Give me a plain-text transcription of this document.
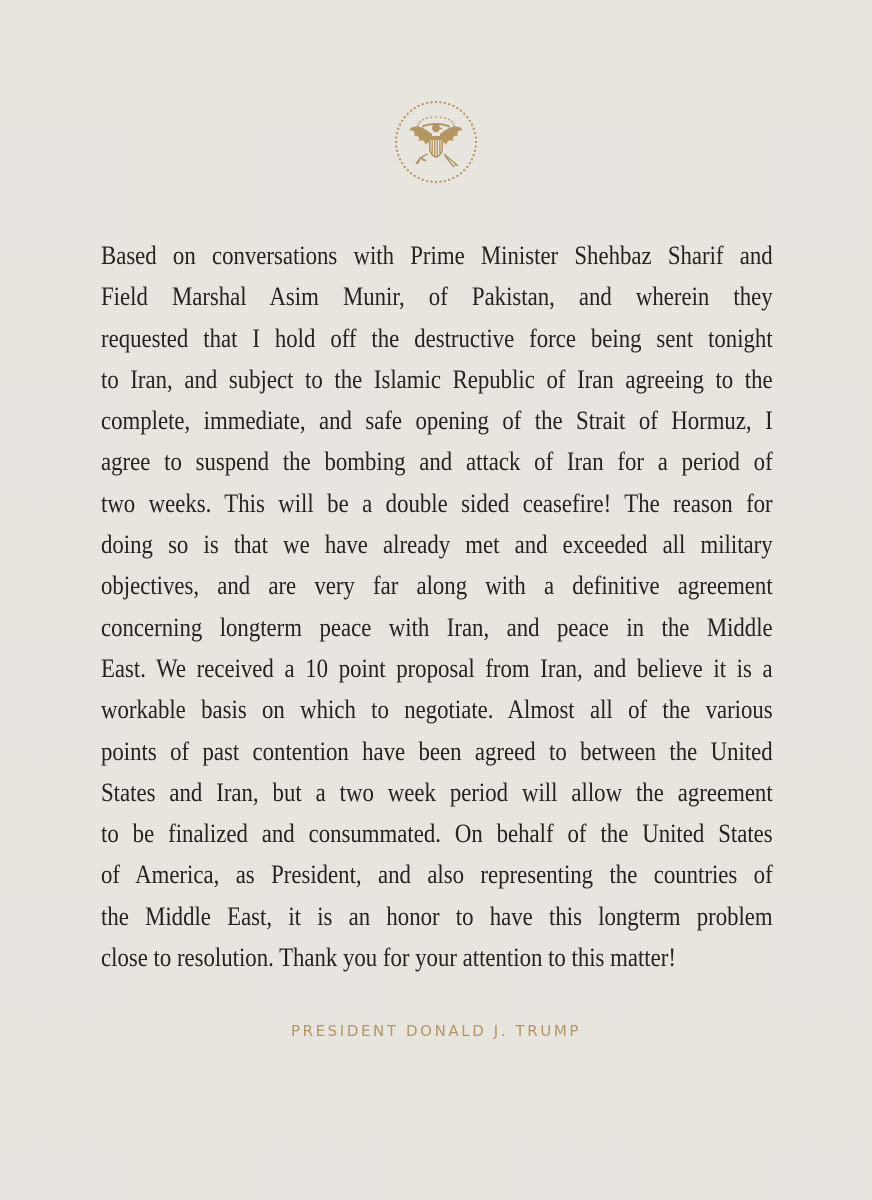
Based on conversations with Prime Minister Shehbaz Sharif and
Field Marshal Asim Munir, of Pakistan, and wherein they
requested that I hold off the destructive force being sent tonight
to Iran, and subject to the Islamic Republic of Iran agreeing to the
complete, immediate, and safe opening of the Strait of Hormuz, I
agree to suspend the bombing and attack of Iran for a period of
two weeks. This will be a double sided ceasefire! The reason for
doing so is that we have already met and exceeded all military
objectives, and are very far along with a definitive agreement
concerning longterm peace with Iran, and peace in the Middle
East. We received a 10 point proposal from Iran, and believe it is a
workable basis on which to negotiate. Almost all of the various
points of past contention have been agreed to between the United
States and Iran, but a two week period will allow the agreement
to be finalized and consummated. On behalf of the United States
of America, as President, and also representing the countries of
the Middle East, it is an honor to have this longterm problem
close to resolution. Thank you for your attention to this matter!

PRESIDENT DONALD J. TRUMP
